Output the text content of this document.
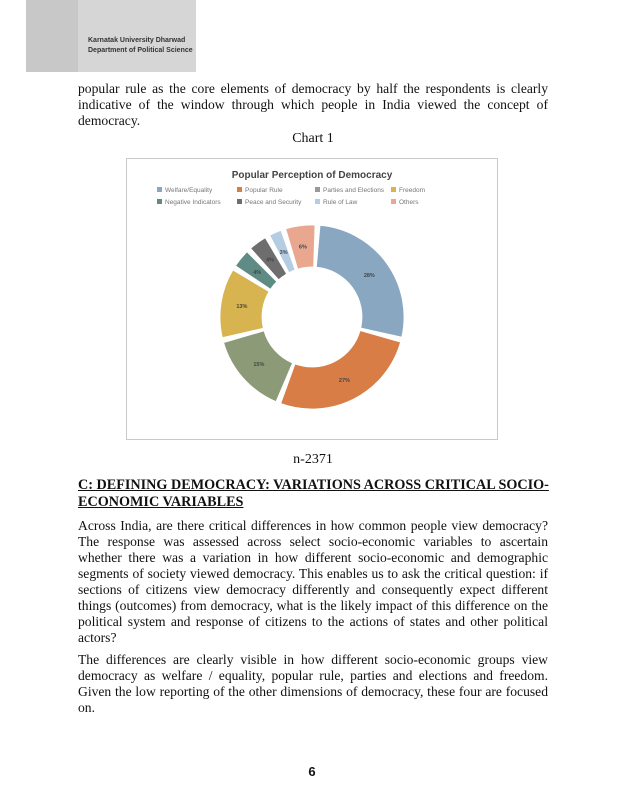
Karnatak University Dharwad
Department of Political Science

popular rule as the core elements of democracy by half the respondents is clearly indicative of the window through which people in India viewed the concept of democracy.

Chart 1
Popular Perception of Democracy
Welfare/Equality	Popular Rule	Parties and Elections Freedom
Negative Indicators	Peace and Security	Rule of Law	Others
28%
27%
15%
13%
4%
4%
3%
6%
n-2371
C: DEFINING DEMOCRACY: VARIATIONS ACROSS CRITICAL SOCIO-
ECONOMIC VARIABLES

Across India, are there critical differences in how common people view democracy? The response was assessed across select socio-economic variables to ascertain whether there was a variation in how different socio-economic and demographic segments of society viewed democracy. This enables us to ask the critical question: if sections of citizens view democracy differently and consequently expect different things (outcomes) from democracy, what is the likely impact of this difference on the political system and response of citizens to the actions of states and other political actors?

The differences are clearly visible in how different socio-economic groups view democracy as welfare / equality, popular rule, parties and elections and freedom. Given the low reporting of the other dimensions of democracy, these four are focused on.

6
